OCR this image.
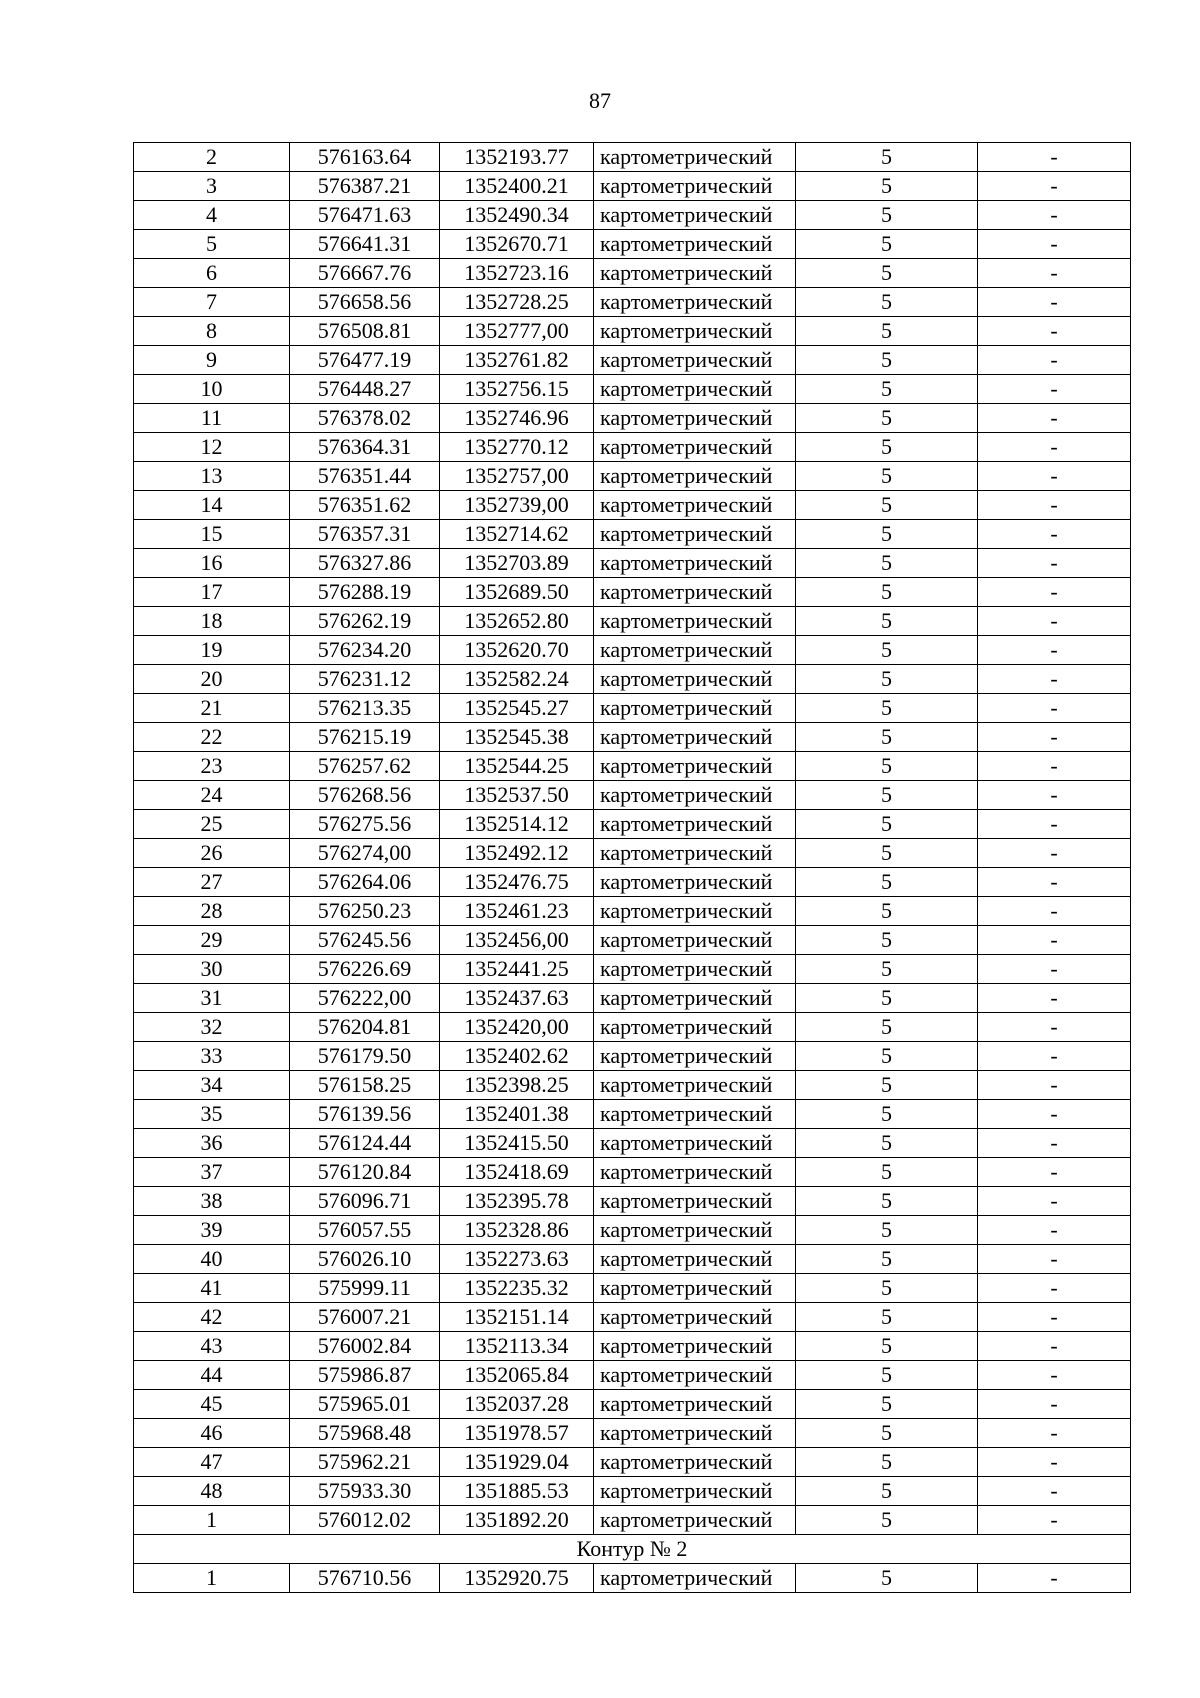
87
2	576163.64	1352193.77	картометрический	5	-
3	576387.21	1352400.21	картометрический	5	-
4	576471.63	1352490.34	картометрический	5	-
5	576641.31	1352670.71	картометрический	5	-
6	576667.76	1352723.16	картометрический	5	-
7	576658.56	1352728.25	картометрический	5	-
8	576508.81	1352777,00	картометрический	5	-
9	576477.19	1352761.82	картометрический	5	-
10	576448.27	1352756.15	картометрический	5	-
11	576378.02	1352746.96	картометрический	5	-
12	576364.31	1352770.12	картометрический	5	-
13	576351.44	1352757,00	картометрический	5	-
14	576351.62	1352739,00	картометрический	5	-
15	576357.31	1352714.62	картометрический	5	-
16	576327.86	1352703.89	картометрический	5	-
17	576288.19	1352689.50	картометрический	5	-
18	576262.19	1352652.80	картометрический	5	-
19	576234.20	1352620.70	картометрический	5	-
20	576231.12	1352582.24	картометрический	5	-
21	576213.35	1352545.27	картометрический	5	-
22	576215.19	1352545.38	картометрический	5	-
23	576257.62	1352544.25	картометрический	5	-
24	576268.56	1352537.50	картометрический	5	-
25	576275.56	1352514.12	картометрический	5	-
26	576274,00	1352492.12	картометрический	5	-
27	576264.06	1352476.75	картометрический	5	-
28	576250.23	1352461.23	картометрический	5	-
29	576245.56	1352456,00	картометрический	5	-
30	576226.69	1352441.25	картометрический	5	-
31	576222,00	1352437.63	картометрический	5	-
32	576204.81	1352420,00	картометрический	5	-
33	576179.50	1352402.62	картометрический	5	-
34	576158.25	1352398.25	картометрический	5	-
35	576139.56	1352401.38	картометрический	5	-
36	576124.44	1352415.50	картометрический	5	-
37	576120.84	1352418.69	картометрический	5	-
38	576096.71	1352395.78	картометрический	5	-
39	576057.55	1352328.86	картометрический	5	-
40	576026.10	1352273.63	картометрический	5	-
41	575999.11	1352235.32	картометрический	5	-
42	576007.21	1352151.14	картометрический	5	-
43	576002.84	1352113.34	картометрический	5	-
44	575986.87	1352065.84	картометрический	5	-
45	575965.01	1352037.28	картометрический	5	-
46	575968.48	1351978.57	картометрический	5	-
47	575962.21	1351929.04	картометрический	5	-
48	575933.30	1351885.53	картометрический	5	-
1	576012.02	1351892.20	картометрический	5	-
Контур № 2					
1	576710.56	1352920.75	картометрический	5	-
